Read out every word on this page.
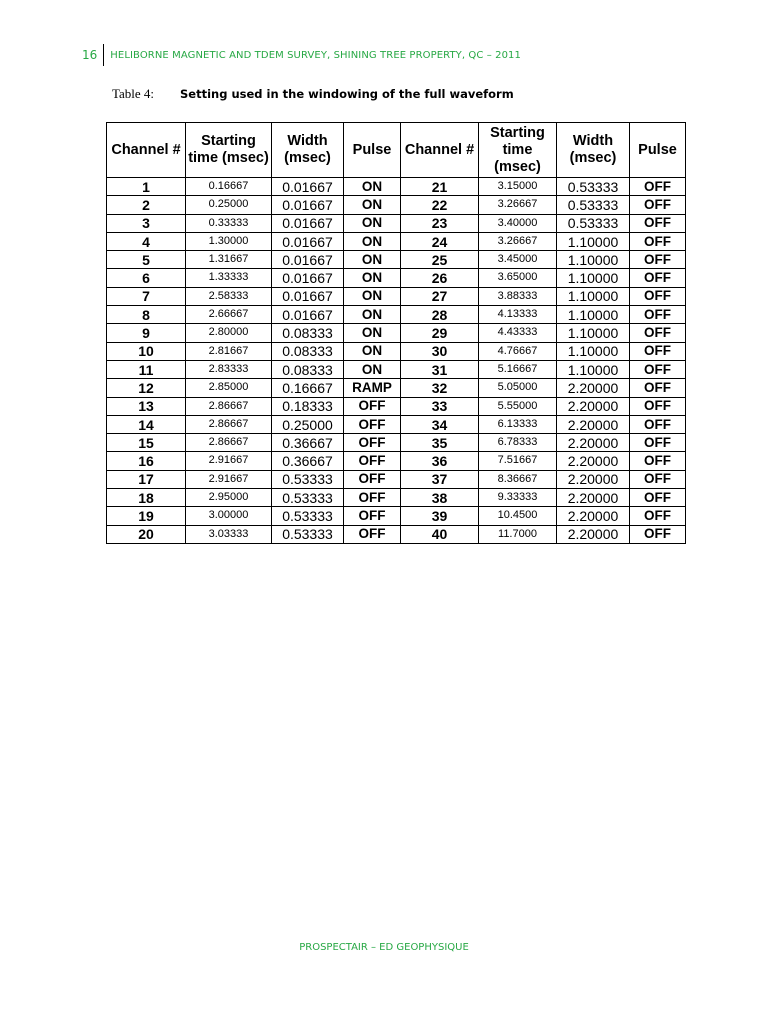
16	HELIBORNE MAGNETIC AND TDEM SURVEY, SHINING TREE PROPERTY, QC – 2011
Table 4:	Setting used in the windowing of the full waveform
Channel #	Starting time (msec)	Width (msec)	Pulse	Channel #	Starting time (msec)	Width (msec)	Pulse
1	0.16667	0.01667	ON	21	3.15000	0.53333	OFF
2	0.25000	0.01667	ON	22	3.26667	0.53333	OFF
3	0.33333	0.01667	ON	23	3.40000	0.53333	OFF
4	1.30000	0.01667	ON	24	3.26667	1.10000	OFF
5	1.31667	0.01667	ON	25	3.45000	1.10000	OFF
6	1.33333	0.01667	ON	26	3.65000	1.10000	OFF
7	2.58333	0.01667	ON	27	3.88333	1.10000	OFF
8	2.66667	0.01667	ON	28	4.13333	1.10000	OFF
9	2.80000	0.08333	ON	29	4.43333	1.10000	OFF
10	2.81667	0.08333	ON	30	4.76667	1.10000	OFF
11	2.83333	0.08333	ON	31	5.16667	1.10000	OFF
12	2.85000	0.16667	RAMP	32	5.05000	2.20000	OFF
13	2.86667	0.18333	OFF	33	5.55000	2.20000	OFF
14	2.86667	0.25000	OFF	34	6.13333	2.20000	OFF
15	2.86667	0.36667	OFF	35	6.78333	2.20000	OFF
16	2.91667	0.36667	OFF	36	7.51667	2.20000	OFF
17	2.91667	0.53333	OFF	37	8.36667	2.20000	OFF
18	2.95000	0.53333	OFF	38	9.33333	2.20000	OFF
19	3.00000	0.53333	OFF	39	10.4500	2.20000	OFF
20	3.03333	0.53333	OFF	40	11.7000	2.20000	OFF
PROSPECTAIR – ED GEOPHYSIQUE
